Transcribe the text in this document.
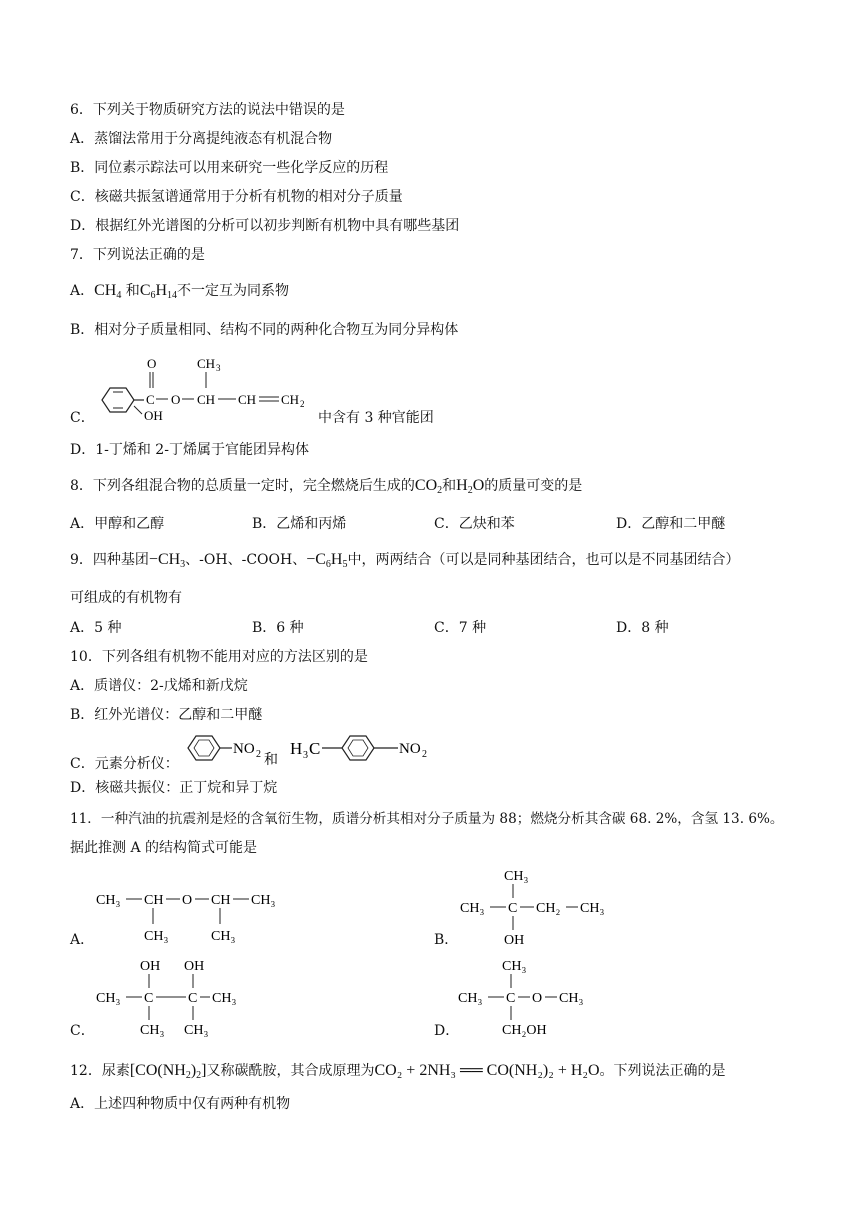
6．下列关于物质研究方法的说法中错误的是
A．蒸馏法常用于分离提纯液态有机混合物
B．同位素示踪法可以用来研究一些化学反应的历程
C．核磁共振氢谱通常用于分析有机物的相对分子质量
D．根据红外光谱图的分析可以初步判断有机物中具有哪些基团
7．下列说法正确的是
A．$CH_4$ 和$C_6H_{14}$不一定互为同系物
B．相对分子质量相同、结构不同的两种化合物互为同分异构体
C．
O
C O
CH 3
CH CH CH 2
OH	中含有 3 种官能团
D．1-丁烯和 2-丁烯属于官能团异构体
8．下列各组混合物的总质量一定时，完全燃烧后生成的$CO_2$和$H_2O$的质量可变的是
A．甲醇和乙醇	B．乙烯和丙烯	C．乙炔和苯	D．乙醇和二甲醚
9．四种基团$-CH_3$、-OH、-COOH、$-C_6H_5$中，两两结合（可以是同种基团结合，也可以是不同基团结合）
可组成的有机物有
A．5 种	B．6 种	C．7 种	D．8 种
10．下列各组有机物不能用对应的方法区别的是
A．质谱仪：2-戊烯和新戊烷
B．红外光谱仪：乙醇和二甲醚
C．元素分析仪：
NO 2 和
H 3 C	NO 2
D．核磁共振仪：正丁烷和异丁烷
11．一种汽油的抗震剂是烃的含氧衍生物，质谱分析其相对分子质量为 88；燃烧分析其含碳 68. 2%，含氢 13. 6%。
据此推测 A 的结构简式可能是
A．
CH₃ CH O CH CH₃
CH₃	CH₃	B．
CH₃
CH₃ C CH₂ CH₃
OH
C．
OH OH
CH₃ C C CH₃
CH₃ CH₃	D．
CH₃
CH₃ C O CH₃
CH₂OH
12．尿素$[CO(NH_2)_2]$又称碳酰胺，其合成原理为CO₂ + 2NH₃ ══ CO(NH₂)₂ + H₂O。下列说法正确的是
A．上述四种物质中仅有两种有机物
